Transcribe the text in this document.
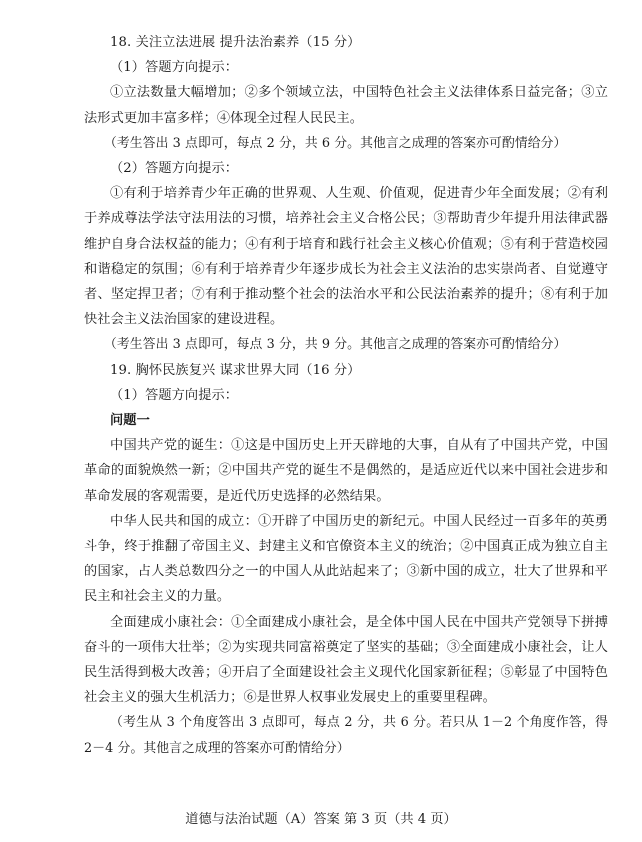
18. 关注立法进展 提升法治素养（15 分）

（1）答题方向提示：

①立法数量大幅增加；②多个领域立法，中国特色社会主义法律体系日益完备；③立法形式更加丰富多样；④体现全过程人民民主。

（考生答出 3 点即可，每点 2 分，共 6 分。其他言之成理的答案亦可酌情给分）

（2）答题方向提示：

①有利于培养青少年正确的世界观、人生观、价值观，促进青少年全面发展；②有利于养成尊法学法守法用法的习惯，培养社会主义合格公民；③帮助青少年提升用法律武器维护自身合法权益的能力；④有利于培育和践行社会主义核心价值观；⑤有利于营造校园和谐稳定的氛围；⑥有利于培养青少年逐步成长为社会主义法治的忠实崇尚者、自觉遵守者、坚定捍卫者；⑦有利于推动整个社会的法治水平和公民法治素养的提升；⑧有利于加快社会主义法治国家的建设进程。

（考生答出 3 点即可，每点 3 分，共 9 分。其他言之成理的答案亦可酌情给分）

19. 胸怀民族复兴 谋求世界大同（16 分）

（1）答题方向提示：

问题一

中国共产党的诞生：①这是中国历史上开天辟地的大事，自从有了中国共产党，中国革命的面貌焕然一新；②中国共产党的诞生不是偶然的，是适应近代以来中国社会进步和革命发展的客观需要，是近代历史选择的必然结果。

中华人民共和国的成立：①开辟了中国历史的新纪元。中国人民经过一百多年的英勇斗争，终于推翻了帝国主义、封建主义和官僚资本主义的统治；②中国真正成为独立自主的国家，占人类总数四分之一的中国人从此站起来了；③新中国的成立，壮大了世界和平民主和社会主义的力量。

全面建成小康社会：①全面建成小康社会，是全体中国人民在中国共产党领导下拼搏奋斗的一项伟大壮举；②为实现共同富裕奠定了坚实的基础；③全面建成小康社会，让人民生活得到极大改善；④开启了全面建设社会主义现代化国家新征程；⑤彰显了中国特色社会主义的强大生机活力；⑥是世界人权事业发展史上的重要里程碑。

（考生从 3 个角度答出 3 点即可，每点 2 分，共 6 分。若只从 1－2 个角度作答，得 2－4 分。其他言之成理的答案亦可酌情给分）

道德与法治试题（A）答案 第 3 页（共 4 页）
